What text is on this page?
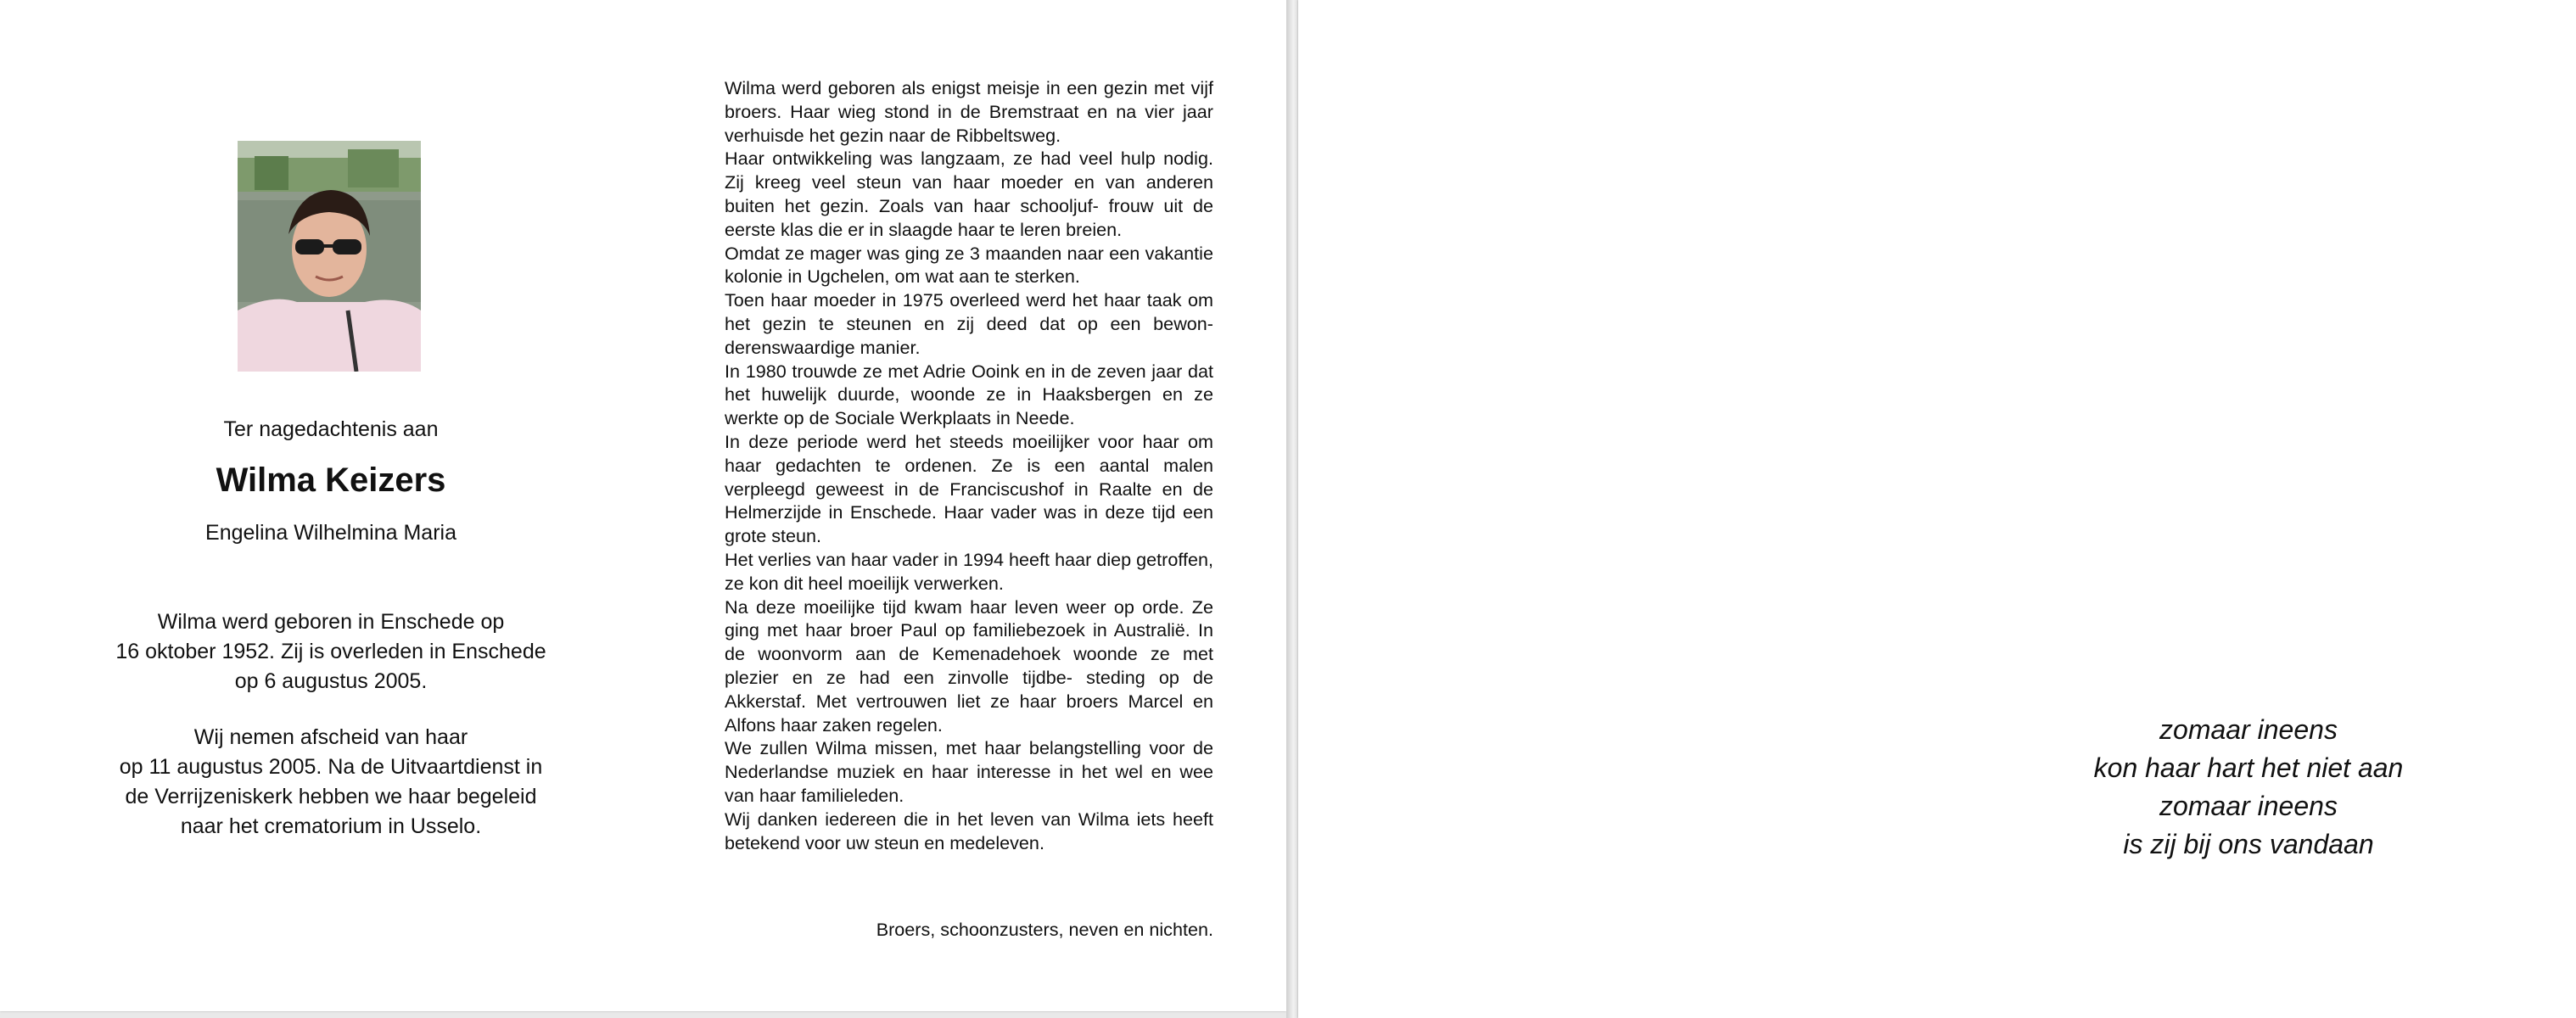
Ter nagedachtenis aan
Wilma Keizers
Engelina Wilhelmina Maria
Wilma werd geboren in Enschede op
16 oktober 1952. Zij is overleden in Enschede
op 6 augustus 2005.
Wij nemen afscheid van haar
op 11 augustus 2005. Na de Uitvaartdienst in
de Verrijzeniskerk hebben we haar begeleid
naar het crematorium in Usselo.

Wilma werd geboren als enigst meisje in een gezin met vijf broers. Haar wieg stond in de Bremstraat en na vier jaar verhuisde het gezin naar de Ribbeltsweg.

Haar ontwikkeling was langzaam, ze had veel hulp nodig. Zij kreeg veel steun van haar moeder en van anderen buiten het gezin. Zoals van haar schooljuf- frouw uit de eerste klas die er in slaagde haar te leren breien.

Omdat ze mager was ging ze 3 maanden naar een vakantie kolonie in Ugchelen, om wat aan te sterken.

Toen haar moeder in 1975 overleed werd het haar taak om het gezin te steunen en zij deed dat op een bewon- derenswaardige manier.

In 1980 trouwde ze met Adrie Ooink en in de zeven jaar dat het huwelijk duurde, woonde ze in Haaksbergen en ze werkte op de Sociale Werkplaats in Neede.

In deze periode werd het steeds moeilijker voor haar om haar gedachten te ordenen. Ze is een aantal malen verpleegd geweest in de Franciscushof in Raalte en de Helmerzijde in Enschede. Haar vader was in deze tijd een grote steun.

Het verlies van haar vader in 1994 heeft haar diep getroffen, ze kon dit heel moeilijk verwerken.

Na deze moeilijke tijd kwam haar leven weer op orde. Ze ging met haar broer Paul op familiebezoek in Australië. In de woonvorm aan de Kemenadehoek woonde ze met plezier en ze had een zinvolle tijdbe- steding op de Akkerstaf. Met vertrouwen liet ze haar broers Marcel en Alfons haar zaken regelen.

We zullen Wilma missen, met haar belangstelling voor de Nederlandse muziek en haar interesse in het wel en wee van haar familieleden.

Wij danken iedereen die in het leven van Wilma iets heeft betekend voor uw steun en medeleven.

Broers, schoonzusters, neven en nichten.
zomaar ineens
kon haar hart het niet aan
zomaar ineens
is zij bij ons vandaan
